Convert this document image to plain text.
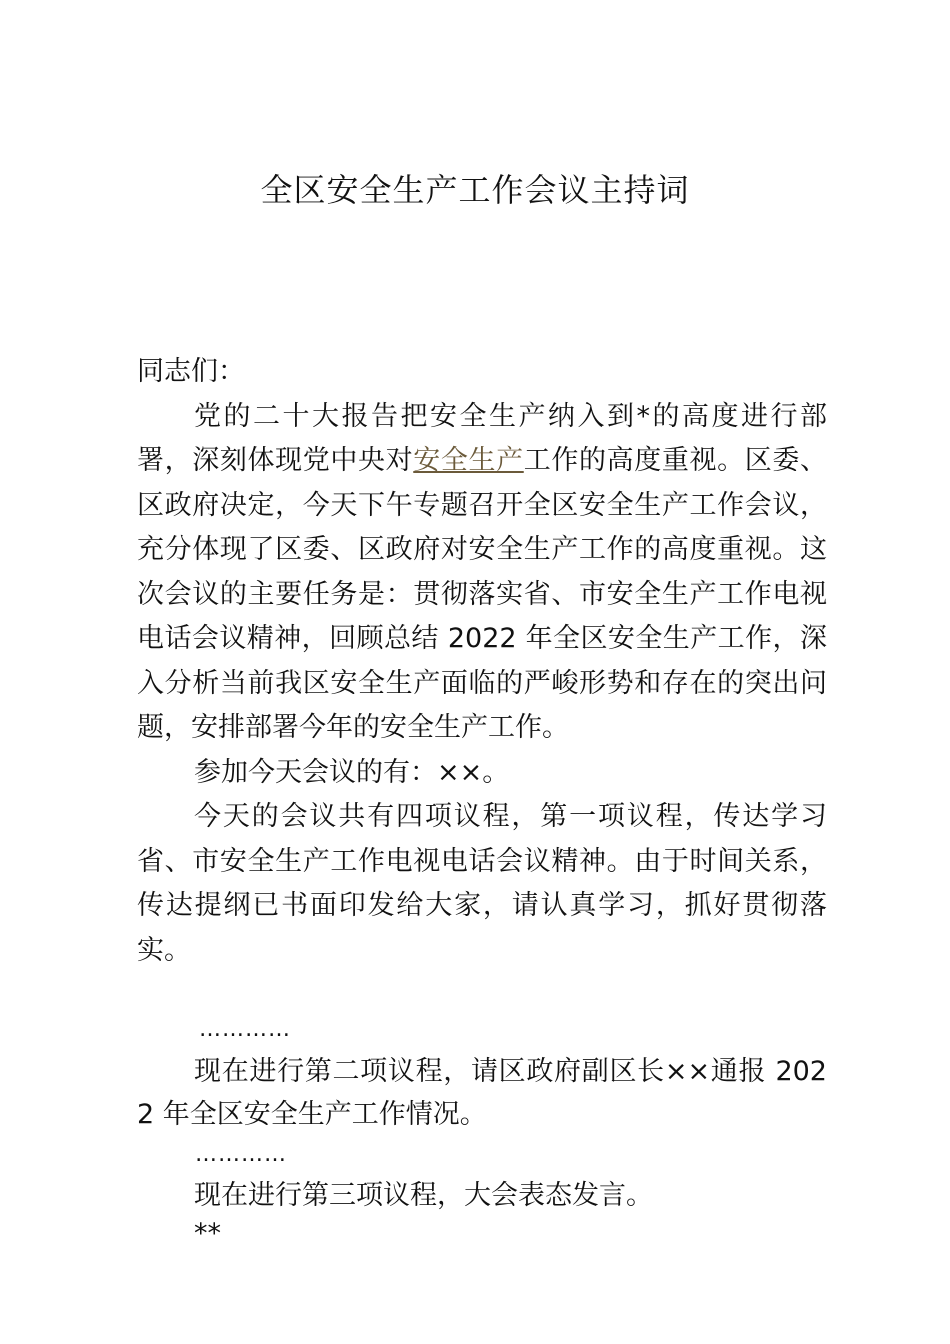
全区安全生产工作会议主持词

同志们：

党的二十大报告把安全生产纳入到*的高度进行部署，深刻体现党中央对安全生产工作的高度重视。区委、区政府决定，今天下午专题召开全区安全生产工作会议，充分体现了区委、区政府对安全生产工作的高度重视。这次会议的主要任务是：贯彻落实省、市安全生产工作电视电话会议精神，回顾总结 2022 年全区安全生产工作，深入分析当前我区安全生产面临的严峻形势和存在的突出问题，安排部署今年的安全生产工作。

参加今天会议的有：××。

今天的会议共有四项议程，第一项议程，传达学习省、市安全生产工作电视电话会议精神。由于时间关系，传达提纲已书面印发给大家，请认真学习，抓好贯彻落实。

…………

现在进行第二项议程，请区政府副区长××通报 2022 年全区安全生产工作情况。

…………

现在进行第三项议程，大会表态发言。

**
